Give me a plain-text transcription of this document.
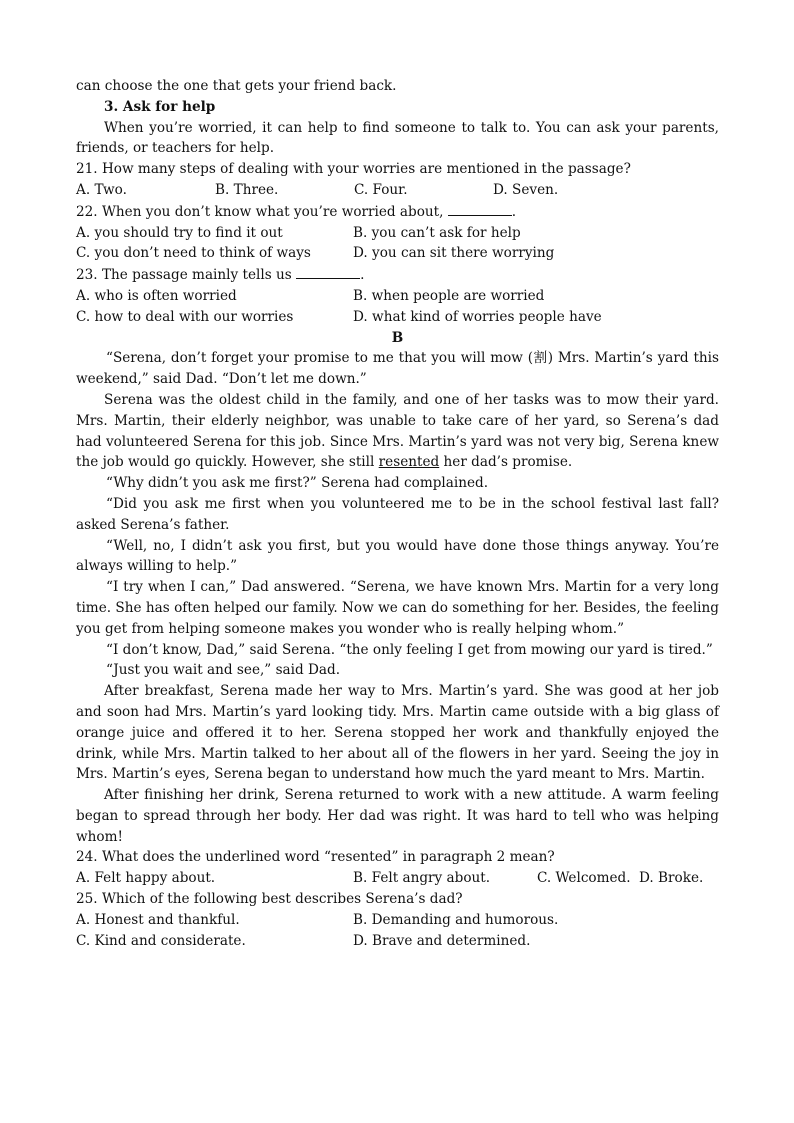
can choose the one that gets your friend back.

3. Ask for help

When you’re worried, it can help to find someone to talk to. You can ask your parents, friends, or teachers for help.

21. How many steps of dealing with your worries are mentioned in the passage?

A. Two.	B. Three.	C. Four.	D. Seven.

22. When you don’t know what you’re worried about,	.

A. you should try to find it out	B. you can’t ask for help
C. you don’t need to think of ways	D. you can sit there worrying

23. The passage mainly tells us	.

A. who is often worried	B. when people are worried
C. how to deal with our worries	D. what kind of worries people have

B

“Serena, don’t forget your promise to me that you will mow (割) Mrs. Martin’s yard this weekend,” said Dad. “Don’t let me down.”

Serena was the oldest child in the family, and one of her tasks was to mow their yard. Mrs. Martin, their elderly neighbor, was unable to take care of her yard, so Serena’s dad had volunteered Serena for this job. Since Mrs. Martin’s yard was not very big, Serena knew the job would go quickly. However, she still resented her dad’s promise.

“Why didn’t you ask me first?” Serena had complained.

“Did you ask me first when you volunteered me to be in the school festival last fall? asked Serena’s father.

“Well, no, I didn’t ask you first, but you would have done those things anyway. You’re always willing to help.”

“I try when I can,” Dad answered. “Serena, we have known Mrs. Martin for a very long time. She has often helped our family. Now we can do something for her. Besides, the feeling you get from helping someone makes you wonder who is really helping whom.”

“I don’t know, Dad,” said Serena. “the only feeling I get from mowing our yard is tired.”

“Just you wait and see,” said Dad.

After breakfast, Serena made her way to Mrs. Martin’s yard. She was good at her job and soon had Mrs. Martin’s yard looking tidy. Mrs. Martin came outside with a big glass of orange juice and offered it to her. Serena stopped her work and thankfully enjoyed the drink, while Mrs. Martin talked to her about all of the flowers in her yard. Seeing the joy in Mrs. Martin’s eyes, Serena began to understand how much the yard meant to Mrs. Martin.

After finishing her drink, Serena returned to work with a new attitude. A warm feeling began to spread through her body. Her dad was right. It was hard to tell who was helping whom!

24. What does the underlined word “resented” in paragraph 2 mean?

A. Felt happy about.	B. Felt angry about.	C. Welcomed. D. Broke.

25. Which of the following best describes Serena’s dad?

A. Honest and thankful.	B. Demanding and humorous.
C. Kind and considerate.	D. Brave and determined.
